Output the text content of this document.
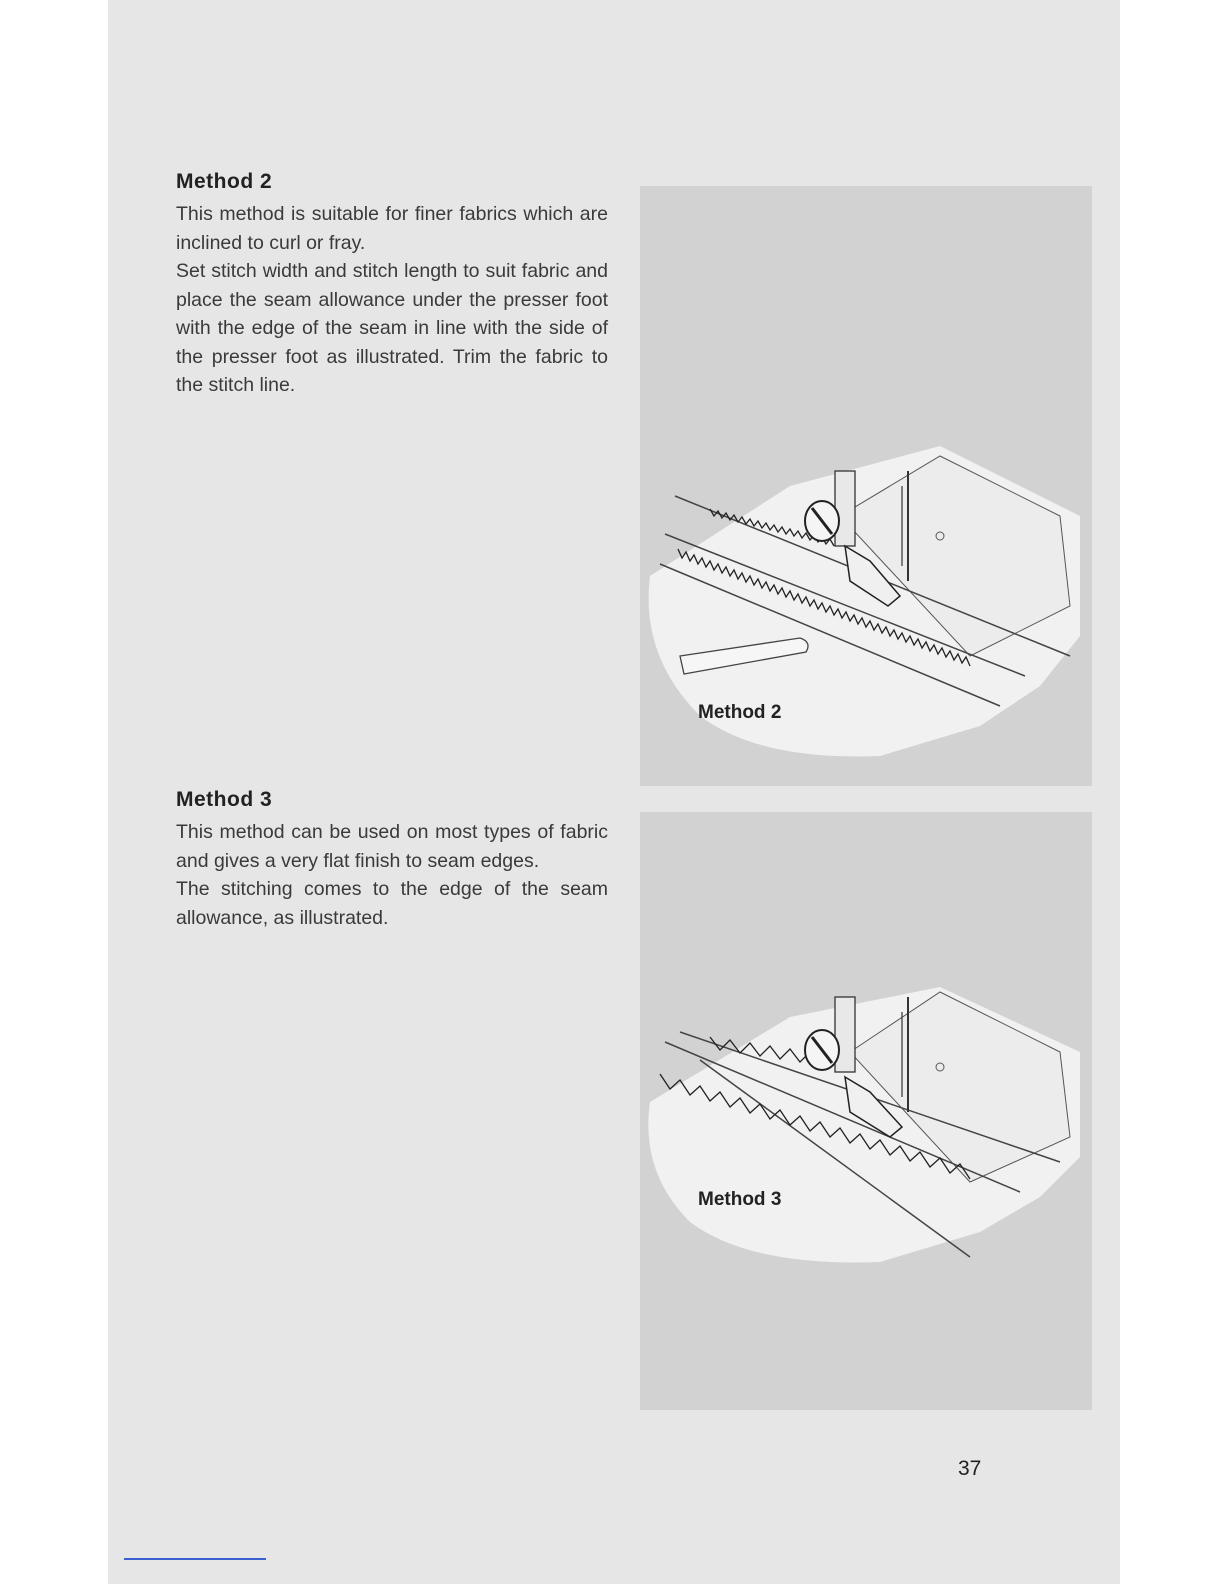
Method 2

This method is suitable for finer fabrics which are inclined to curl or fray.

Set stitch width and stitch length to suit fabric and place the seam allowance under the presser foot with the edge of the seam in line with the side of the presser foot as illustrated. Trim the fabric to the stitch line.

Method 3

This method can be used on most types of fabric and gives a very flat finish to seam edges.

The stitching comes to the edge of the seam allowance, as illustrated.

Method 2
Method 3
37
